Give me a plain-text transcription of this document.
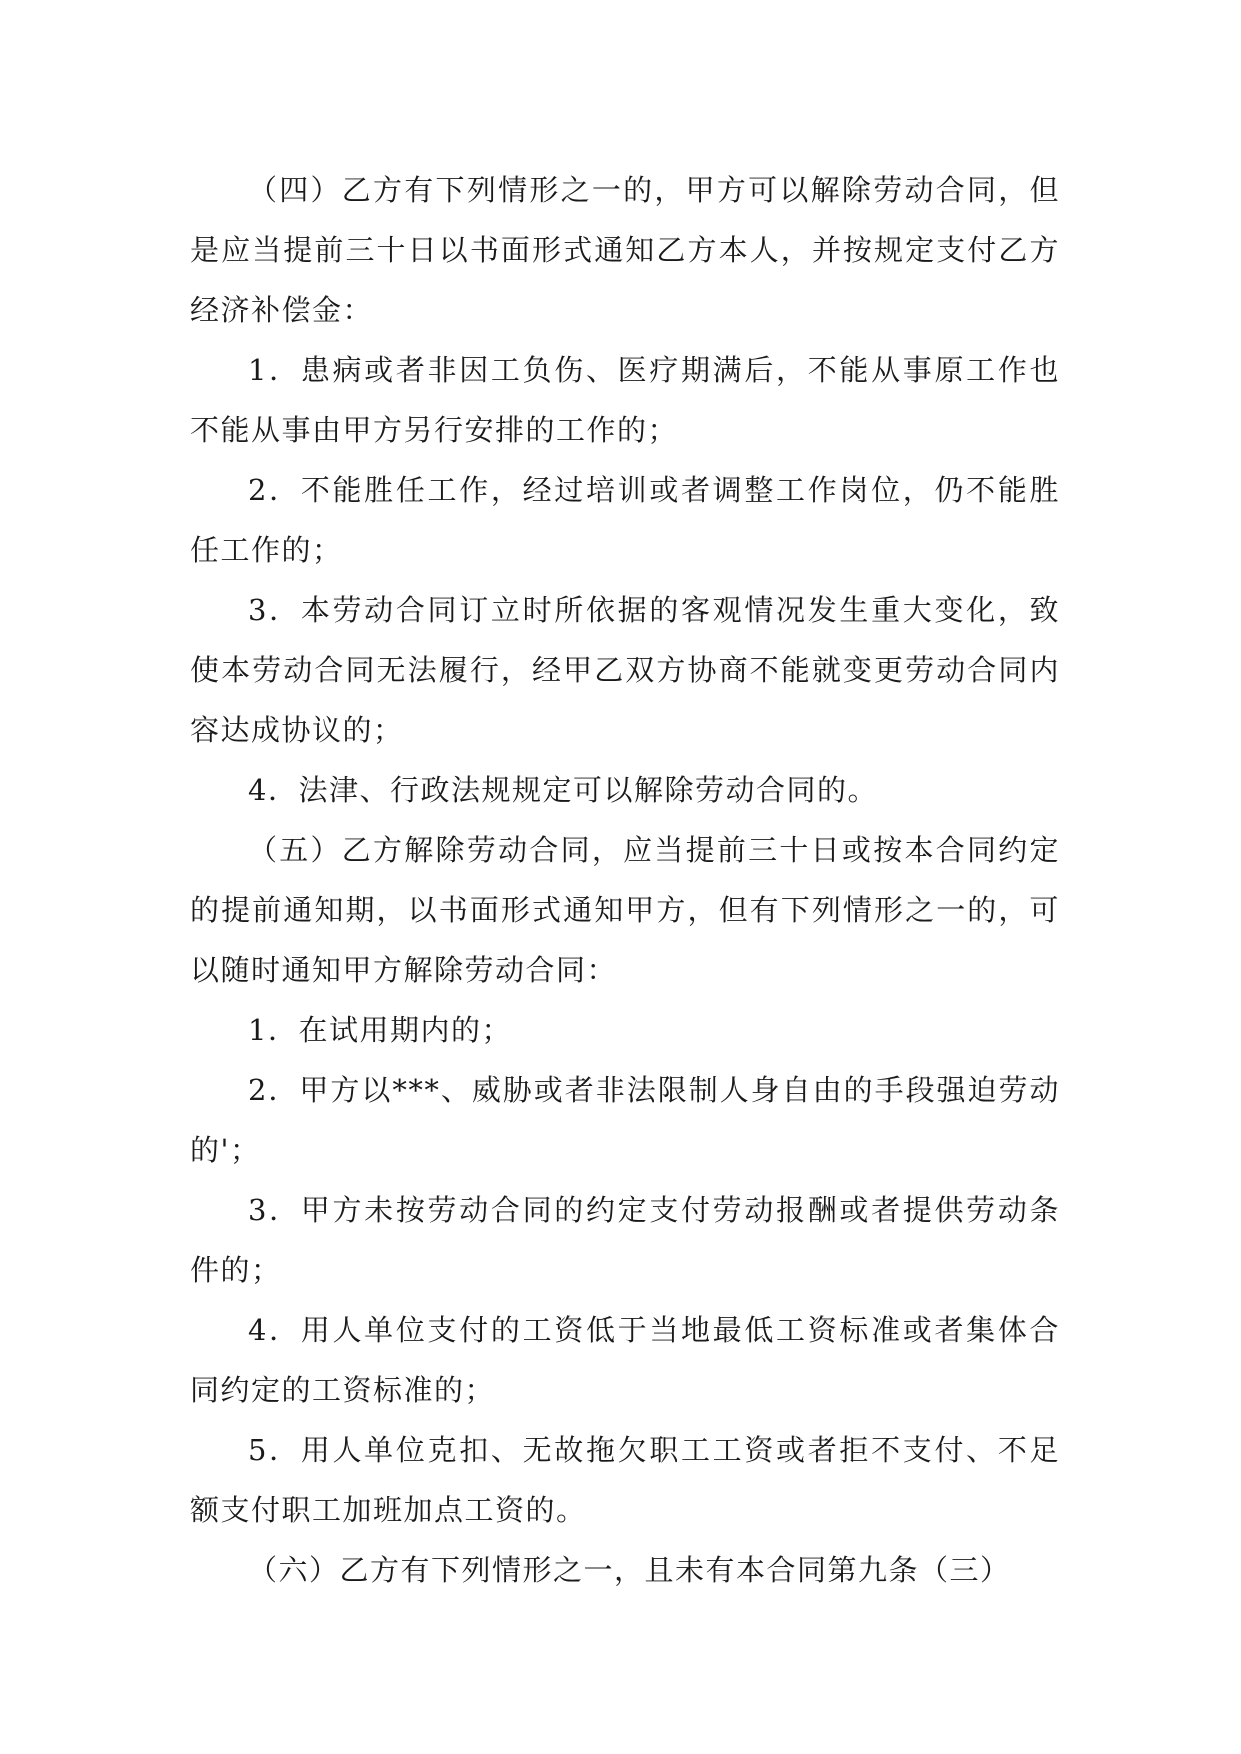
（四）乙方有下列情形之一的，甲方可以解除劳动合同，但是应当提前三十日以书面形式通知乙方本人，并按规定支付乙方经济补偿金：

1．患病或者非因工负伤、医疗期满后，不能从事原工作也不能从事由甲方另行安排的工作的；

2．不能胜任工作，经过培训或者调整工作岗位，仍不能胜任工作的；

3．本劳动合同订立时所依据的客观情况发生重大变化，致使本劳动合同无法履行，经甲乙双方协商不能就变更劳动合同内容达成协议的；

4．法津、行政法规规定可以解除劳动合同的。

（五）乙方解除劳动合同，应当提前三十日或按本合同约定的提前通知期，以书面形式通知甲方，但有下列情形之一的，可以随时通知甲方解除劳动合同：

1．在试用期内的；

2．甲方以***、威胁或者非法限制人身自由的手段强迫劳动的'；

3．甲方未按劳动合同的约定支付劳动报酬或者提供劳动条件的；

4．用人单位支付的工资低于当地最低工资标准或者集体合同约定的工资标准的；

5．用人单位克扣、无故拖欠职工工资或者拒不支付、不足额支付职工加班加点工资的。

（六）乙方有下列情形之一，且未有本合同第九条（三）
